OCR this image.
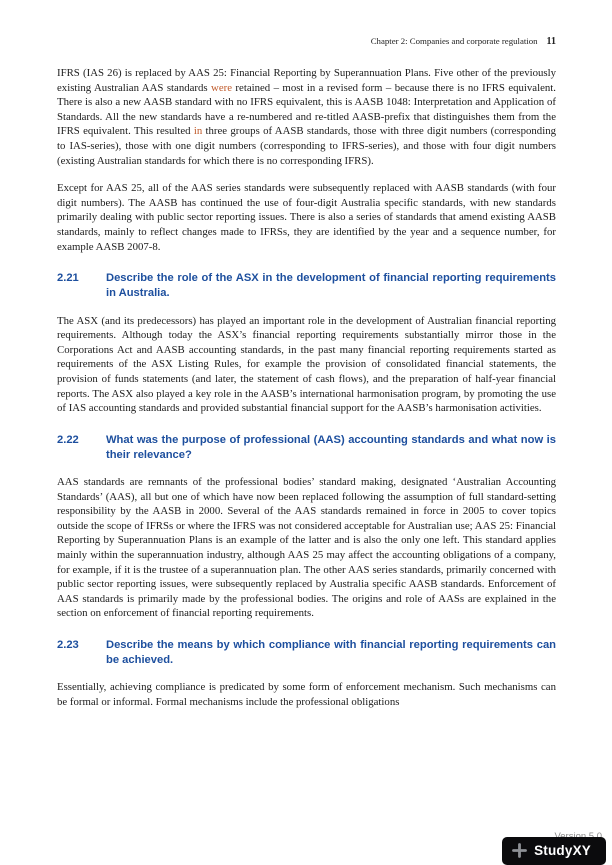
Chapter 2: Companies and corporate regulation 11

IFRS (IAS 26) is replaced by AAS 25: Financial Reporting by Superannuation Plans. Five other of the previously existing Australian AAS standards were retained – most in a revised form – because there is no IFRS equivalent. There is also a new AASB standard with no IFRS equivalent, this is AASB 1048: Interpretation and Application of Standards. All the new standards have a re-numbered and re-titled AASB-prefix that distinguishes them from the IFRS equivalent. This resulted in three groups of AASB standards, those with three digit numbers (corresponding to IAS-series), those with one digit numbers (corresponding to IFRS-series), and those with four digit numbers (existing Australian standards for which there is no corresponding IFRS).

Except for AAS 25, all of the AAS series standards were subsequently replaced with AASB standards (with four digit numbers). The AASB has continued the use of four-digit Australia specific standards, with new standards primarily dealing with public sector reporting issues. There is also a series of standards that amend existing AASB standards, mainly to reflect changes made to IFRSs, they are identified by the year and a sequence number, for example AASB 2007-8.

2.21	Describe the role of the ASX in the development of financial reporting requirements in Australia.

The ASX (and its predecessors) has played an important role in the development of Australian financial reporting requirements. Although today the ASX’s financial reporting requirements substantially mirror those in the Corporations Act and AASB accounting standards, in the past many financial reporting requirements started as requirements of the ASX Listing Rules, for example the provision of consolidated financial statements, the provision of funds statements (and later, the statement of cash flows), and the preparation of half-year financial reports. The ASX also played a key role in the AASB’s international harmonisation program, by promoting the use of IAS accounting standards and provided substantial financial support for the AASB’s harmonisation activities.

2.22	What was the purpose of professional (AAS) accounting standards and what now is their relevance?

AAS standards are remnants of the professional bodies’ standard making, designated ‘Australian Accounting Standards’ (AAS), all but one of which have now been replaced following the assumption of full standard-setting responsibility by the AASB in 2000. Several of the AAS standards remained in force in 2005 to cover topics outside the scope of IFRSs or where the IFRS was not considered acceptable for Australian use; AAS 25: Financial Reporting by Superannuation Plans is an example of the latter and is also the only one left. This standard applies mainly within the superannuation industry, although AAS 25 may affect the accounting obligations of a company, for example, if it is the trustee of a superannuation plan. The other AAS series standards, primarily concerned with public sector reporting issues, were subsequently replaced by Australia specific AASB standards. Enforcement of AAS standards is primarily made by the professional bodies. The origins and role of AASs are explained in the section on enforcement of financial reporting requirements.

2.23	Describe the means by which compliance with financial reporting requirements can be achieved.

Essentially, achieving compliance is predicated by some form of enforcement mechanism. Such mechanisms can be formal or informal. Formal mechanisms include the professional obligations

StudyXY
